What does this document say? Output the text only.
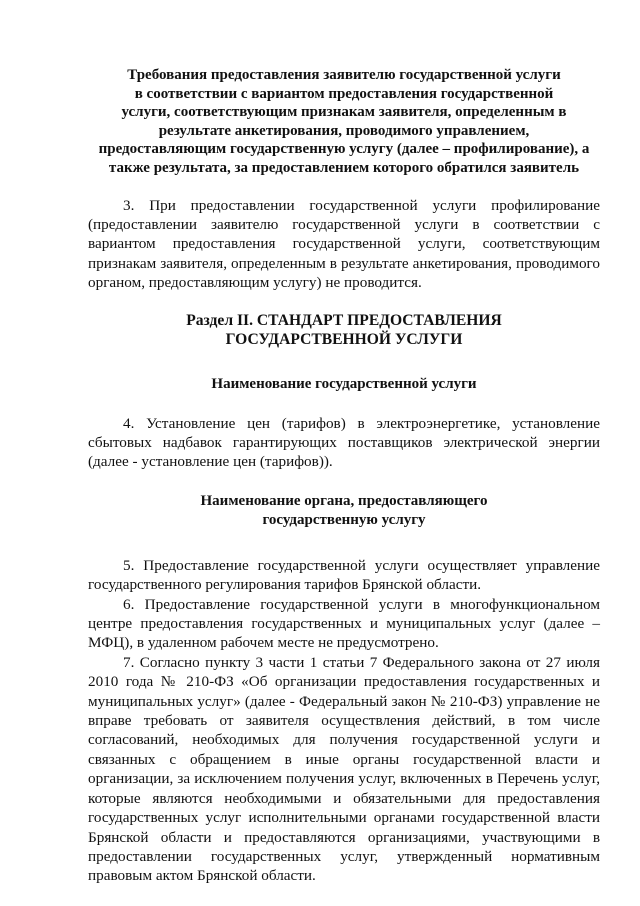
Требования предоставления заявителю государственной услуги
в соответствии с вариантом предоставления государственной
услуги, соответствующим признакам заявителя, определенным в
результате анкетирования, проводимого управлением,
предоставляющим государственную услугу (далее – профилирование), а
также результата, за предоставлением которого обратился заявитель

3. При предоставлении государственной услуги профилирование (предоставлении заявителю государственной услуги в соответствии с вариантом предоставления государственной услуги, соответствующим признакам заявителя, определенным в результате анкетирования, проводимого органом, предоставляющим услугу) не проводится.

Раздел II. СТАНДАРТ ПРЕДОСТАВЛЕНИЯ
ГОСУДАРСТВЕННОЙ УСЛУГИ
Наименование государственной услуги

4. Установление цен (тарифов) в электроэнергетике, установление сбытовых надбавок гарантирующих поставщиков электрической энергии (далее - установление цен (тарифов)).

Наименование органа, предоставляющего
государственную услугу

5. Предоставление государственной услуги осуществляет управление государственного регулирования тарифов Брянской области.

6. Предоставление государственной услуги в многофункциональном центре предоставления государственных и муниципальных услуг (далее – МФЦ), в удаленном рабочем месте не предусмотрено.

7. Согласно пункту 3 части 1 статьи 7 Федерального закона от 27 июля 2010 года № 210-ФЗ «Об организации предоставления государственных и муниципальных услуг» (далее - Федеральный закон № 210-ФЗ) управление не вправе требовать от заявителя осуществления действий, в том числе согласований, необходимых для получения государственной услуги и связанных с обращением в иные органы государственной власти и организации, за исключением получения услуг, включенных в Перечень услуг, которые являются необходимыми и обязательными для предоставления государственных услуг исполнительными органами государственной власти Брянской области и предоставляются организациями, участвующими в предоставлении государственных услуг, утвержденный нормативным правовым актом Брянской области.
